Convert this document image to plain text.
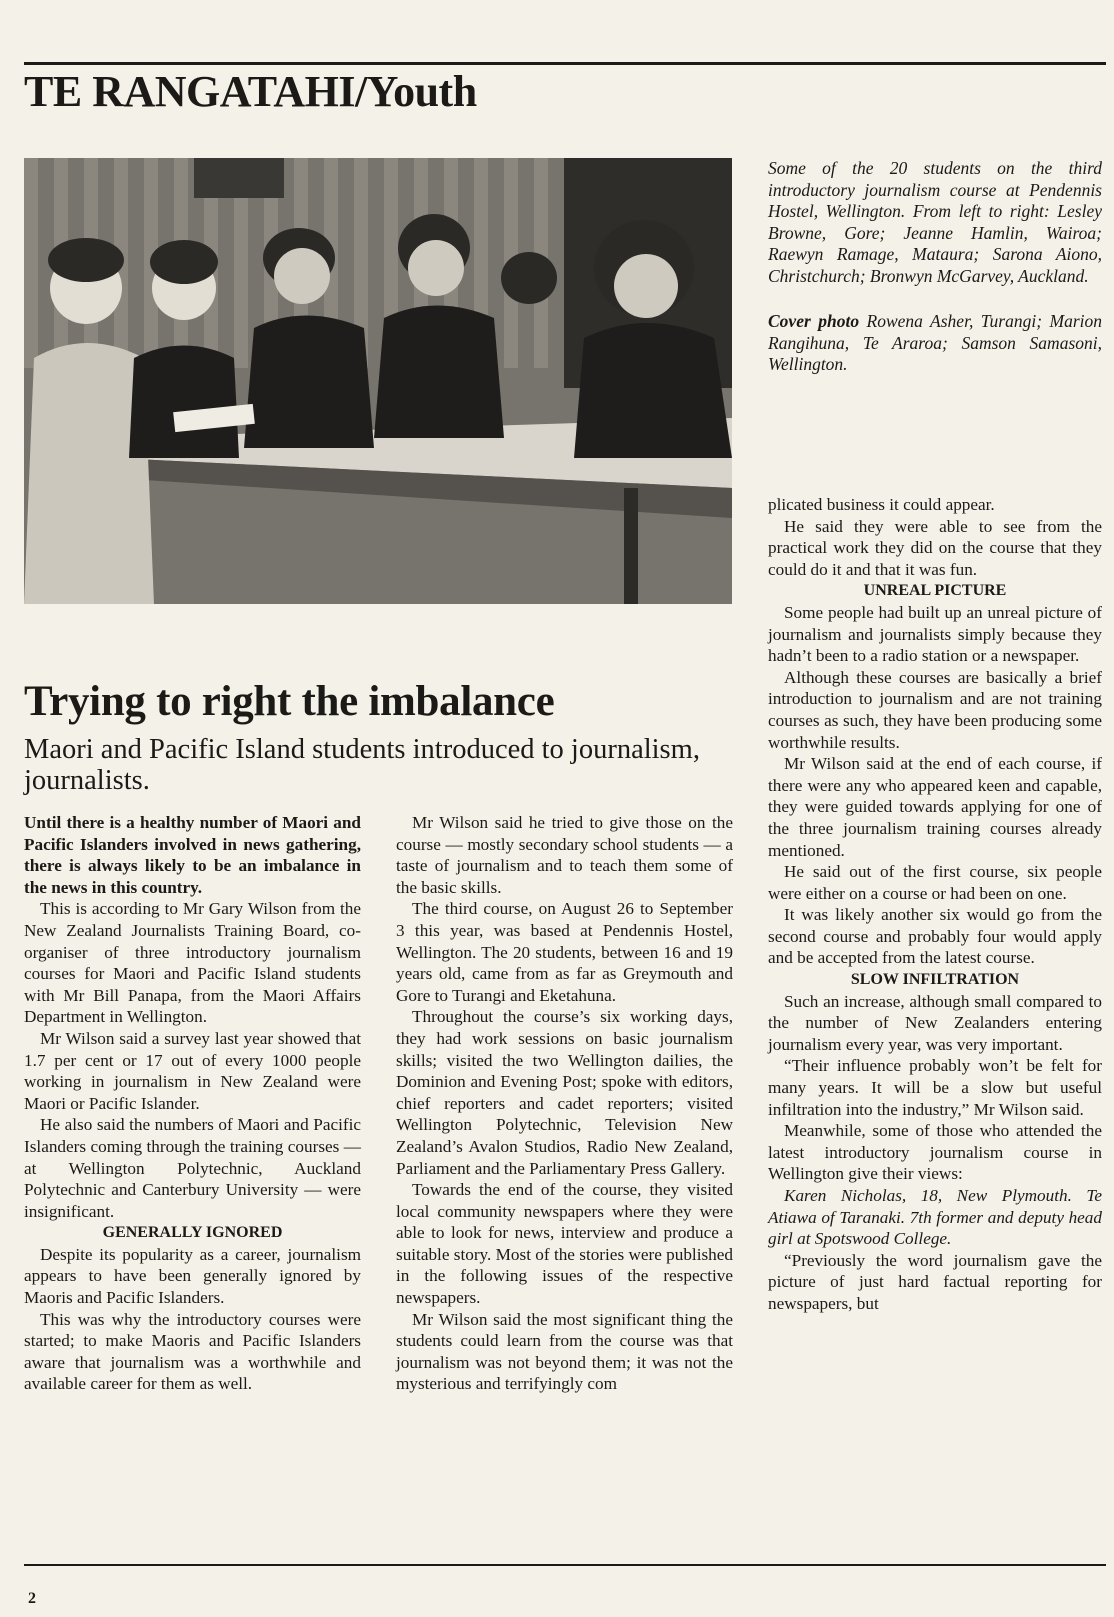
TE RANGATAHI/Youth

Some of the 20 students on the third introductory journalism course at Pendennis Hostel, Wellington. From left to right: Lesley Browne, Gore; Jeanne Hamlin, Wairoa; Raewyn Ramage, Mataura; Sarona Aiono, Christchurch; Bronwyn McGarvey, Auckland.

Cover photo Rowena Asher, Turangi; Marion Rangihuna, Te Araroa; Samson Samasoni, Wellington.

Trying to right the imbalance
Maori and Pacific Island students introduced to journalism, journalists.

Until there is a healthy number of Maori and Pacific Islanders involved in news gathering, there is always likely to be an imbalance in the news in this country.

This is according to Mr Gary Wilson from the New Zealand Journalists Training Board, co-organiser of three introductory journalism courses for Maori and Pacific Island students with Mr Bill Panapa, from the Maori Affairs Department in Wellington.

Mr Wilson said a survey last year showed that 1.7 per cent or 17 out of every 1000 people working in journalism in New Zealand were Maori or Pacific Islander.

He also said the numbers of Maori and Pacific Islanders coming through the training courses — at Wellington Polytechnic, Auckland Polytechnic and Canterbury University — were insignificant.

GENERALLY IGNORED

Despite its popularity as a career, journalism appears to have been generally ignored by Maoris and Pacific Islanders.

This was why the introductory courses were started; to make Maoris and Pacific Islanders aware that journalism was a worthwhile and available career for them as well.

Mr Wilson said he tried to give those on the course — mostly secondary school students — a taste of journalism and to teach them some of the basic skills.

The third course, on August 26 to September 3 this year, was based at Pendennis Hostel, Wellington. The 20 students, between 16 and 19 years old, came from as far as Greymouth and Gore to Turangi and Eketahuna.

Throughout the course’s six working days, they had work sessions on basic journalism skills; visited the two Wellington dailies, the Dominion and Evening Post; spoke with editors, chief reporters and cadet reporters; visited Wellington Polytechnic, Television New Zealand’s Avalon Studios, Radio New Zealand, Parliament and the Parliamentary Press Gallery.

Towards the end of the course, they visited local community newspapers where they were able to look for news, interview and produce a suitable story. Most of the stories were published in the following issues of the respective newspapers.

Mr Wilson said the most significant thing the students could learn from the course was that journalism was not beyond them; it was not the mysterious and terrifyingly com

plicated business it could appear.

He said they were able to see from the practical work they did on the course that they could do it and that it was fun.

UNREAL PICTURE

Some people had built up an unreal picture of journalism and journalists simply because they hadn’t been to a radio station or a newspaper.

Although these courses are basically a brief introduction to journalism and are not training courses as such, they have been producing some worthwhile results.

Mr Wilson said at the end of each course, if there were any who appeared keen and capable, they were guided towards applying for one of the three journalism training courses already mentioned.

He said out of the first course, six people were either on a course or had been on one.

It was likely another six would go from the second course and probably four would apply and be accepted from the latest course.

SLOW INFILTRATION

Such an increase, although small compared to the number of New Zealanders entering journalism every year, was very important.

“Their influence probably won’t be felt for many years. It will be a slow but useful infiltration into the industry,” Mr Wilson said.

Meanwhile, some of those who attended the latest introductory journalism course in Wellington give their views:

Karen Nicholas, 18, New Plymouth. Te Atiawa of Taranaki. 7th former and deputy head girl at Spotswood College.

“Previously the word journalism gave the picture of just hard factual reporting for newspapers, but

2
